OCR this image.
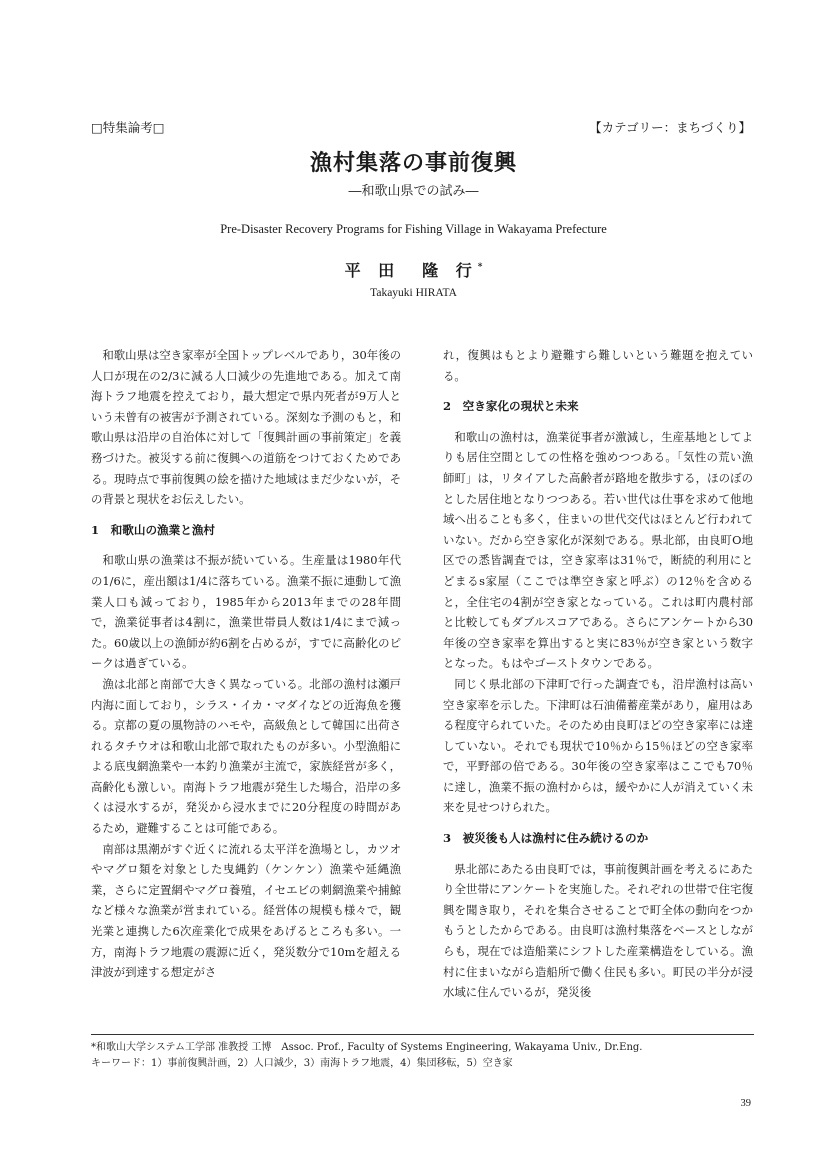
□特集論考□	【カテゴリー：まちづくり】
漁村集落の事前復興
―和歌山県での試み―
Pre-Disaster Recovery Programs for Fishing Village in Wakayama Prefecture
平 田　隆 行*
Takayuki HIRATA

和歌山県は空き家率が全国トップレベルであり，30年後の人口が現在の2/3に減る人口減少の先進地である。加えて南海トラフ地震を控えており，最大想定で県内死者が9万人という未曾有の被害が予測されている。深刻な予測のもと，和歌山県は沿岸の自治体に対して「復興計画の事前策定」を義務づけた。被災する前に復興への道筋をつけておくためである。現時点で事前復興の絵を描けた地域はまだ少ないが，その背景と現状をお伝えしたい。

1　和歌山の漁業と漁村

和歌山県の漁業は不振が続いている。生産量は1980年代の1/6に，産出額は1/4に落ちている。漁業不振に連動して漁業人口も減っており，1985年から2013年までの28年間で，漁業従事者は4割に，漁業世帯員人数は1/4にまで減った。60歳以上の漁師が約6割を占めるが，すでに高齢化のピークは過ぎている。

漁は北部と南部で大きく異なっている。北部の漁村は瀬戸内海に面しており，シラス・イカ・マダイなどの近海魚を獲る。京都の夏の風物詩のハモや，高級魚として韓国に出荷されるタチウオは和歌山北部で取れたものが多い。小型漁船による底曳網漁業や一本釣り漁業が主流で，家族経営が多く，高齢化も激しい。南海トラフ地震が発生した場合，沿岸の多くは浸水するが，発災から浸水までに20分程度の時間があるため，避難することは可能である。

南部は黒潮がすぐ近くに流れる太平洋を漁場とし，カツオやマグロ類を対象とした曳縄釣（ケンケン）漁業や延縄漁業，さらに定置網やマグロ養殖，イセエビの刺網漁業や捕鯨など様々な漁業が営まれている。経営体の規模も様々で，観光業と連携した6次産業化で成果をあげるところも多い。一方，南海トラフ地震の震源に近く，発災数分で10mを超える津波が到達する想定がさ

れ，復興はもとより避難すら難しいという難題を抱えている。

2　空き家化の現状と未来

和歌山の漁村は，漁業従事者が激減し，生産基地としてよりも居住空間としての性格を強めつつある。「気性の荒い漁師町」は，リタイアした高齢者が路地を散歩する，ほのぼのとした居住地となりつつある。若い世代は仕事を求めて他地域へ出ることも多く，住まいの世代交代はほとんど行われていない。だから空き家化が深刻である。県北部，由良町O地区での悉皆調査では，空き家率は31％で，断続的利用にとどまるs家屋（ここでは準空き家と呼ぶ）の12％を含めると，全住宅の4割が空き家となっている。これは町内農村部と比較してもダブルスコアである。さらにアンケートから30年後の空き家率を算出すると実に83％が空き家という数字となった。もはやゴーストタウンである。

同じく県北部の下津町で行った調査でも，沿岸漁村は高い空き家率を示した。下津町は石油備蓄産業があり，雇用はある程度守られていた。そのため由良町ほどの空き家率には達していない。それでも現状で10％から15％ほどの空き家率で，平野部の倍である。30年後の空き家率はここでも70％に達し，漁業不振の漁村からは，緩やかに人が消えていく未来を見せつけられた。

3　被災後も人は漁村に住み続けるのか

県北部にあたる由良町では，事前復興計画を考えるにあたり全世帯にアンケートを実施した。それぞれの世帯で住宅復興を聞き取り，それを集合させることで町全体の動向をつかもうとしたからである。由良町は漁村集落をベースとしながらも，現在では造船業にシフトした産業構造をしている。漁村に住まいながら造船所で働く住民も多い。町民の半分が浸水域に住んでいるが，発災後

*和歌山大学システム工学部 准教授 工博　Assoc. Prof., Faculty of Systems Engineering, Wakayama Univ., Dr.Eng.
キーワード：1）事前復興計画，2）人口減少，3）南海トラフ地震，4）集団移転，5）空き家
39
